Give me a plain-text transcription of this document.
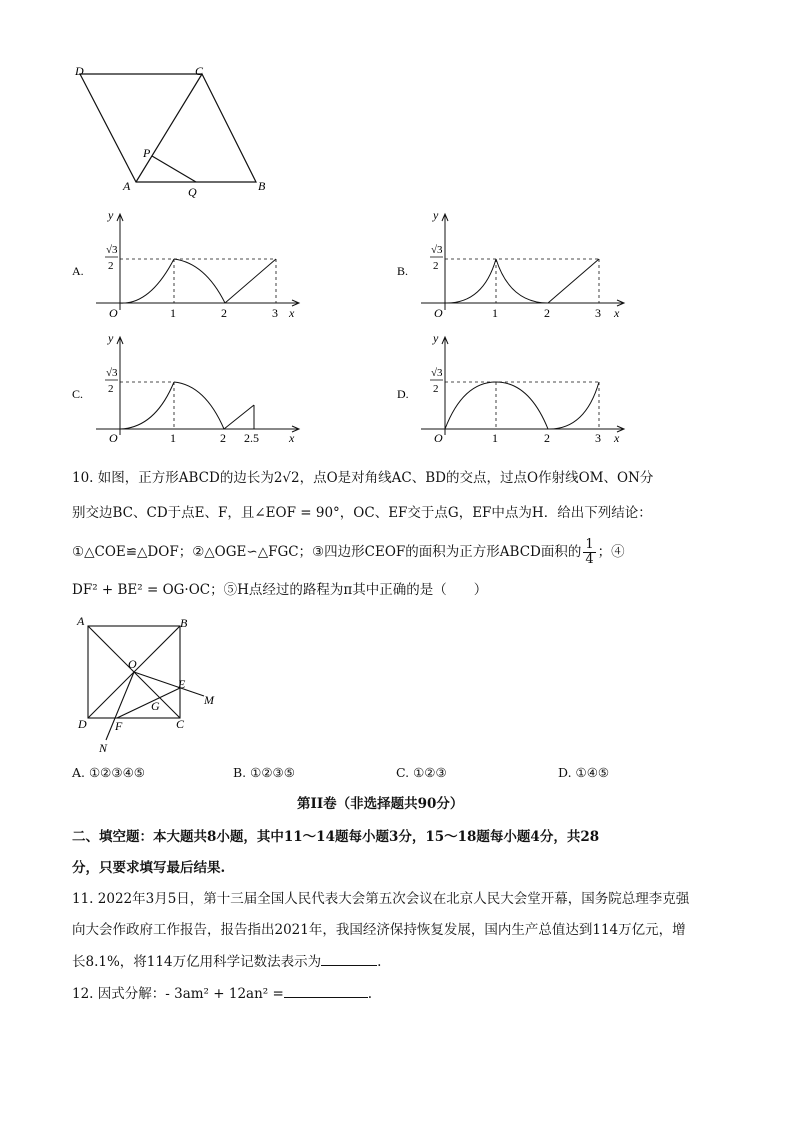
D	C
P
A	Q	B
A.
y
√3
2
O	1	2	3 x
B.
y
√3
2
O	1	2	3 x
C.
y
√3
2
O	1	2 2.5	x
D.
y
√3
2
O	1	2	3 x
10. 如图，正方形ABCD的边长为2√2，点O是对角线AC、BD的交点，过点O作射线OM、ON分
别交边BC、CD于点E、F，且∠EOF = 90°，OC、EF交于点G，EF中点为H．给出下列结论：
①△COE≌△DOF；②△OGE∽△FGC；③四边形CEOF的面积为正方形ABCD面积的 $\frac{1}{4}$ ；④
DF² + BE² = OG·OC；⑤H点经过的路程为π其中正确的是（　　）
A	B
O
E
M
G
D F	C
N
A. ①②③④⑤	B. ①②③⑤	C. ①②③	D. ①④⑤
第II卷（非选择题共90分）
二、填空题：本大题共8小题，其中11～14题每小题3分，15～18题每小题4分，共28
分，只要求填写最后结果.
11. 2022年3月5日，第十三届全国人民代表大会第五次会议在北京人民大会堂开幕，国务院总理李克强
向大会作政府工作报告，报告指出2021年，我国经济保持恢复发展，国内生产总值达到114万亿元，增
长8.1%，将114万亿用科学记数法表示为	.
12. 因式分解：- 3am² + 12an² =	.
